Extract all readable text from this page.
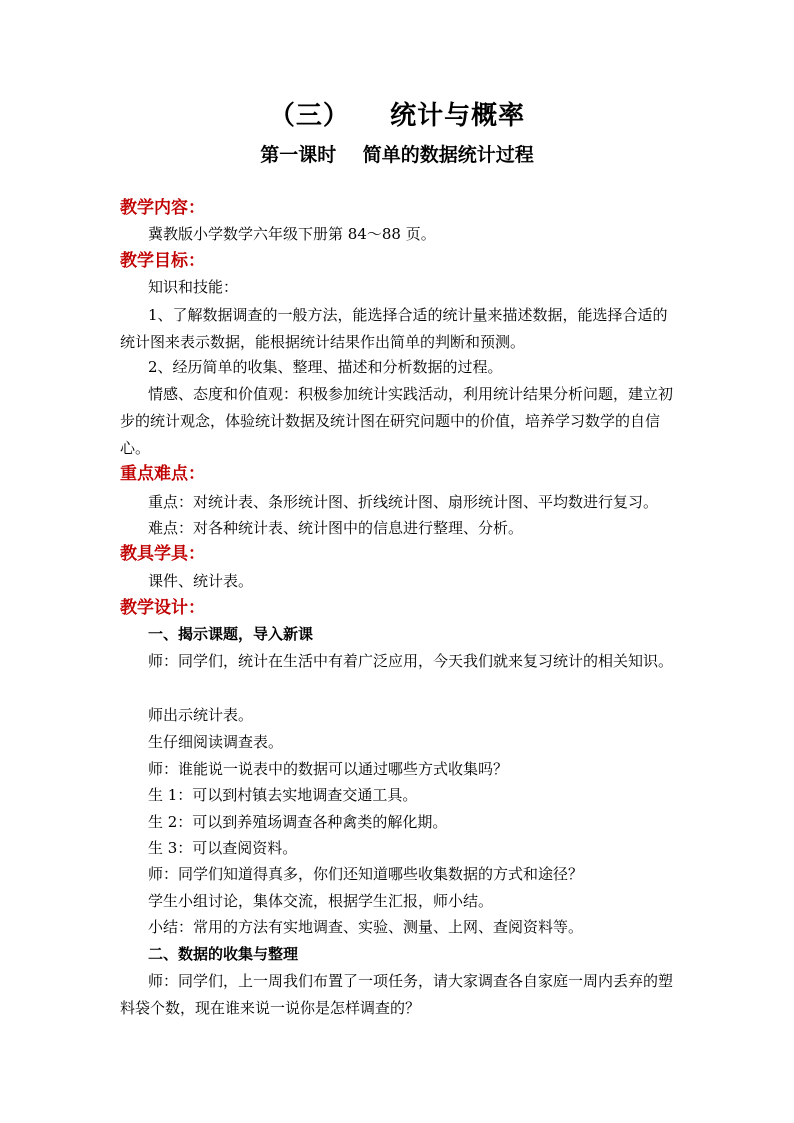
（三）    统计与概率
第一课时    简单的数据统计过程
教学内容：
冀教版小学数学六年级下册第 84～88 页。
教学目标：
知识和技能：

1、了解数据调查的一般方法，能选择合适的统计量来描述数据，能选择合适的统计图来表示数据，能根据统计结果作出简单的判断和预测。

2、经历简单的收集、整理、描述和分析数据的过程。

情感、态度和价值观：积极参加统计实践活动，利用统计结果分析问题，建立初步的统计观念，体验统计数据及统计图在研究问题中的价值，培养学习数学的自信心。

重点难点：
重点：对统计表、条形统计图、折线统计图、扇形统计图、平均数进行复习。
难点：对各种统计表、统计图中的信息进行整理、分析。
教具学具：
课件、统计表。
教学设计：
一、揭示课题，导入新课

师：同学们，统计在生活中有着广泛应用，今天我们就来复习统计的相关知识。

师出示统计表。
生仔细阅读调查表。
师：谁能说一说表中的数据可以通过哪些方式收集吗？
生 1：可以到村镇去实地调查交通工具。
生 2：可以到养殖场调查各种禽类的解化期。
生 3：可以查阅资料。
师：同学们知道得真多，你们还知道哪些收集数据的方式和途径？
学生小组讨论，集体交流，根据学生汇报，师小结。
小结：常用的方法有实地调查、实验、测量、上网、查阅资料等。
二、数据的收集与整理

师：同学们，上一周我们布置了一项任务，请大家调查各自家庭一周内丢弃的塑料袋个数，现在谁来说一说你是怎样调查的？
